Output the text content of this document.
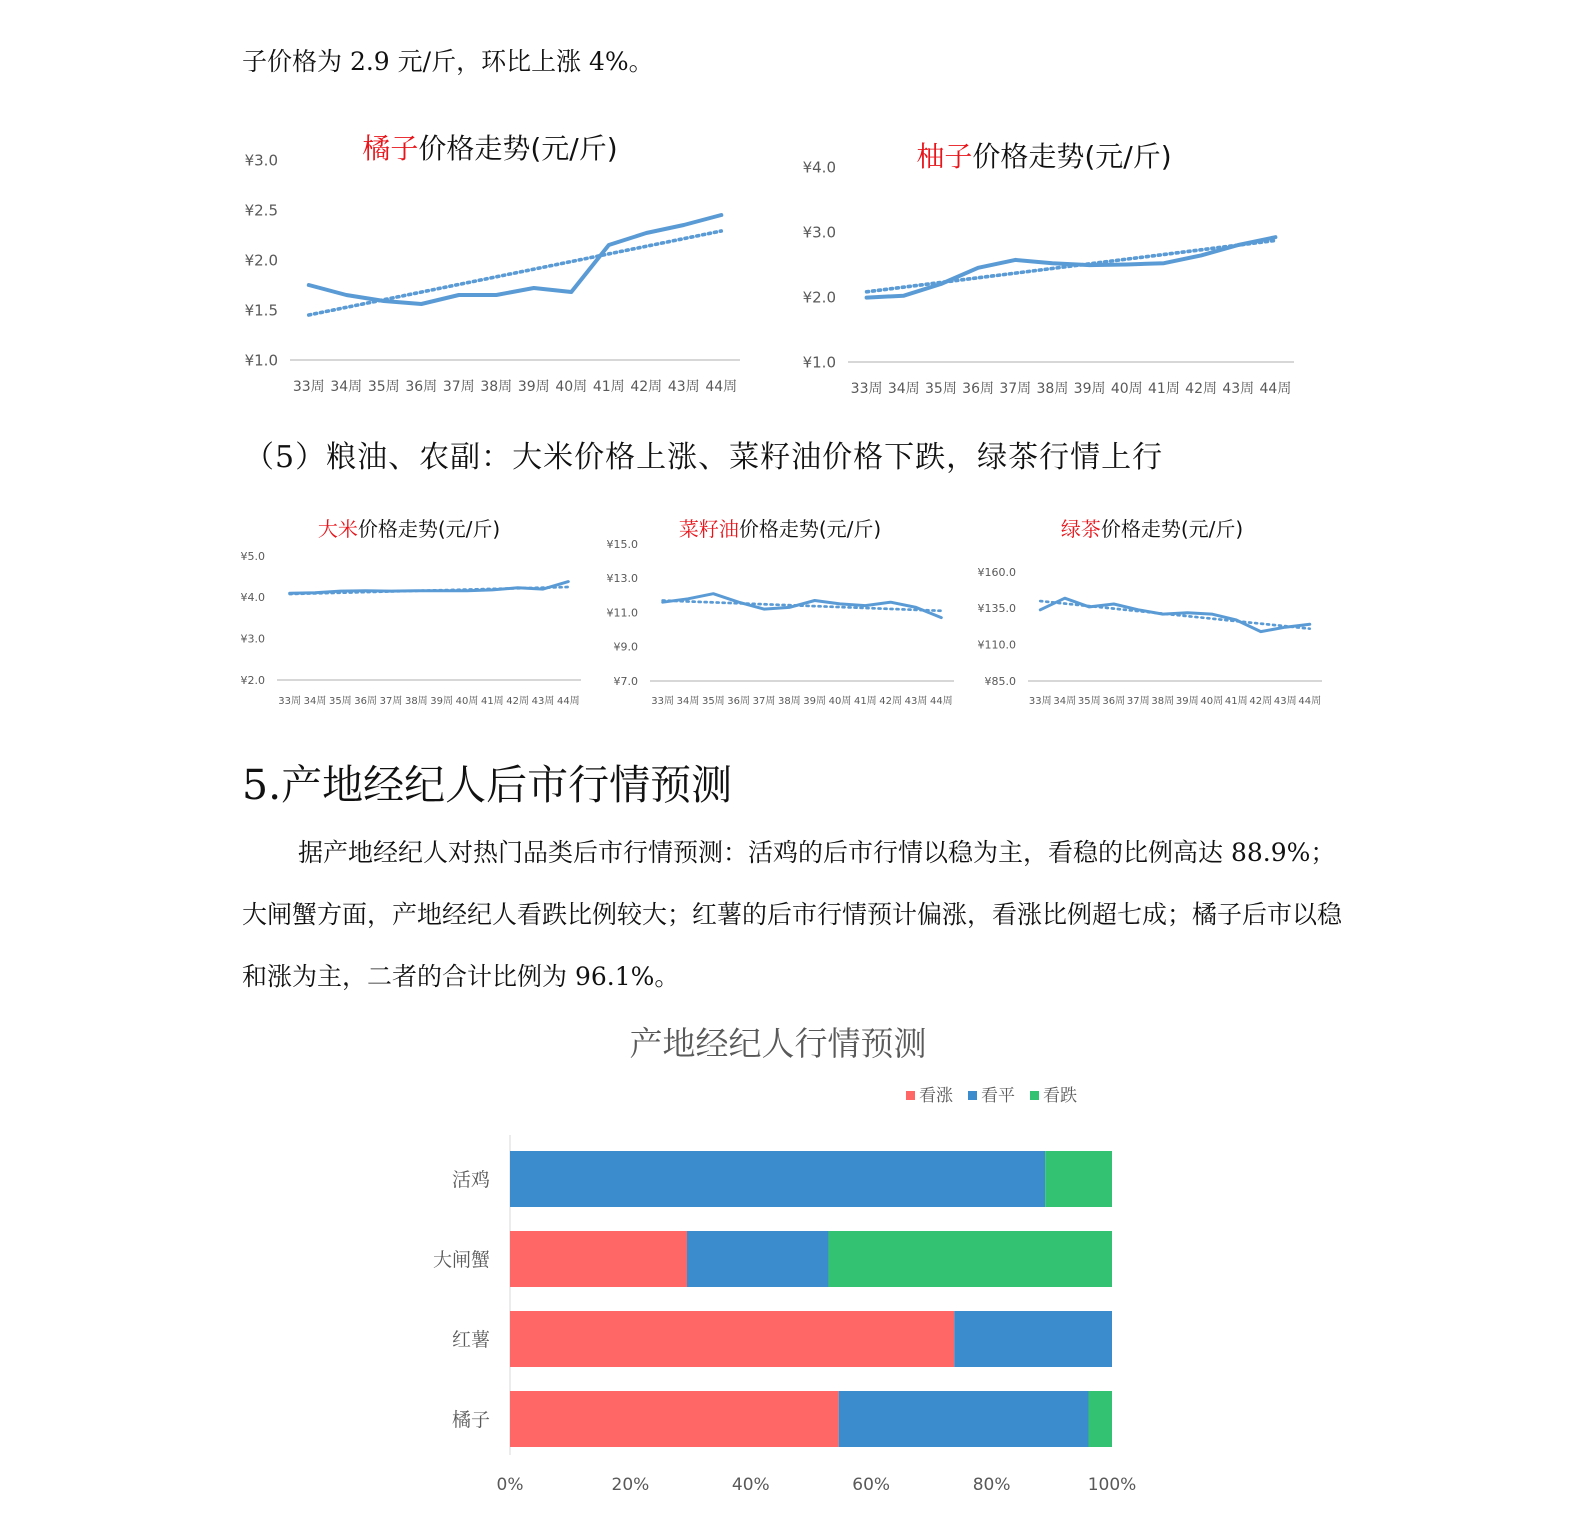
子价格为 2.9 元/斤，环比上涨 4%。

橘子价格走势(元/斤)
¥1.0
¥1.5
¥2.0
¥2.5
¥3.0
33周 34周 35周 36周 37周 38周 39周 40周 41周 42周 43周 44周
柚子价格走势(元/斤)
¥1.0
¥2.0
¥3.0
¥4.0
33周 34周 35周 36周 37周 38周 39周 40周 41周 42周 43周 44周

（5）粮油、农副：大米价格上涨、菜籽油价格下跌，绿茶行情上行

大米价格走势(元/斤)
¥2.0
¥3.0
¥4.0
¥5.0
33周 34周 35周 36周 37周 38周 39周 40周 41周 42周 43周 44周
菜籽油价格走势(元/斤)
¥7.0
¥9.0
¥11.0
¥13.0
¥15.0
33周 34周 35周 36周 37周 38周 39周 40周 41周 42周 43周 44周
绿茶价格走势(元/斤)
¥85.0
¥110.0
¥135.0
¥160.0
33周 34周 35周 36周 37周 38周 39周 40周 41周 42周 43周 44周
5.产地经纪人后市行情预测

据产地经纪人对热门品类后市行情预测：活鸡的后市行情以稳为主，看稳的比例高达 88.9%；大闸蟹方面，产地经纪人看跌比例较大；红薯的后市行情预计偏涨，看涨比例超七成；橘子后市以稳和涨为主，二者的合计比例为 96.1%。

产地经纪人行情预测
看涨 看平 看跌
活鸡
大闸蟹
红薯
橘子
0%	20%	40%	60%	80%	100%
